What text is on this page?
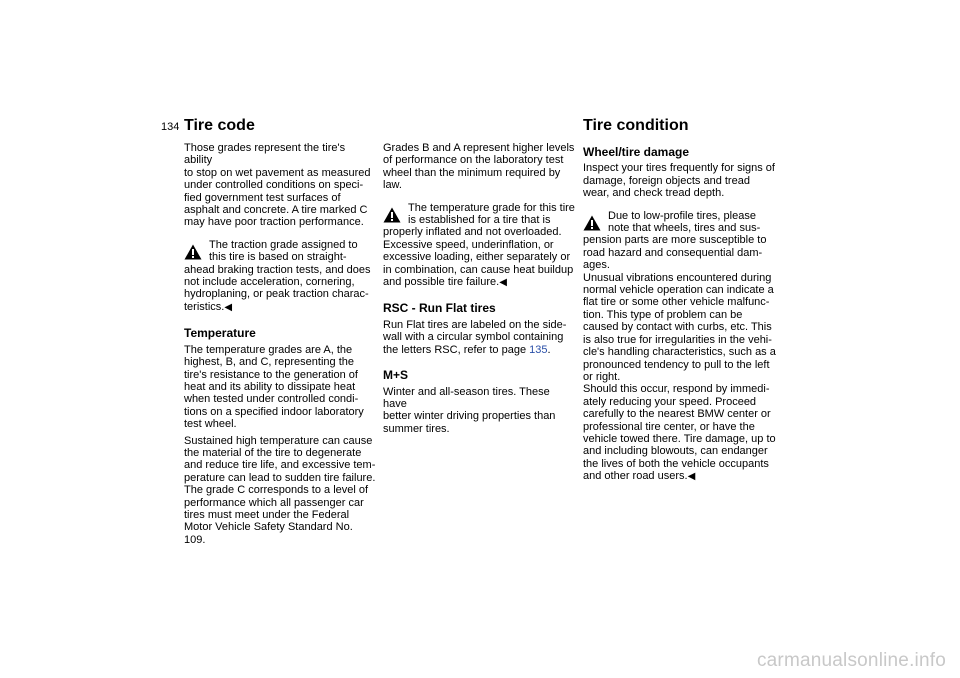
134 Tire code	Tire condition

Those grades represent the tire's ability
to stop on wet pavement as measured
under controlled conditions on speci-
fied government test surfaces of
asphalt and concrete. A tire marked C
may have poor traction performance.

The traction grade assigned to
this tire is based on straight-
ahead braking traction tests, and does
not include acceleration, cornering,
hydroplaning, or peak traction charac-
teristics.◀
Temperature

The temperature grades are A, the
highest, B, and C, representing the
tire's resistance to the generation of
heat and its ability to dissipate heat
when tested under controlled condi-
tions on a specified indoor laboratory
test wheel.

Sustained high temperature can cause
the material of the tire to degenerate
and reduce tire life, and excessive tem-
perature can lead to sudden tire failure.
The grade C corresponds to a level of
performance which all passenger car
tires must meet under the Federal
Motor Vehicle Safety Standard No. 109.

Grades B and A represent higher levels
of performance on the laboratory test
wheel than the minimum required by
law.

The temperature grade for this tire
is established for a tire that is
properly inflated and not overloaded.
Excessive speed, underinflation, or
excessive loading, either separately or
in combination, can cause heat buildup
and possible tire failure.◀
RSC - Run Flat tires

Run Flat tires are labeled on the side-
wall with a circular symbol containing
the letters RSC, refer to page 135.

M+S

Winter and all-season tires. These have
better winter driving properties than
summer tires.

Wheel/tire damage

Inspect your tires frequently for signs of
damage, foreign objects and tread
wear, and check tread depth.

Due to low-profile tires, please
note that wheels, tires and sus-
pension parts are more susceptible to
road hazard and consequential dam-
ages.
Unusual vibrations encountered during
normal vehicle operation can indicate a
flat tire or some other vehicle malfunc-
tion. This type of problem can be
caused by contact with curbs, etc. This
is also true for irregularities in the vehi-
cle's handling characteristics, such as a
pronounced tendency to pull to the left
or right.
Should this occur, respond by immedi-
ately reducing your speed. Proceed
carefully to the nearest BMW center or
professional tire center, or have the
vehicle towed there. Tire damage, up to
and including blowouts, can endanger
the lives of both the vehicle occupants
and other road users.◀
carmanualsonline.info
